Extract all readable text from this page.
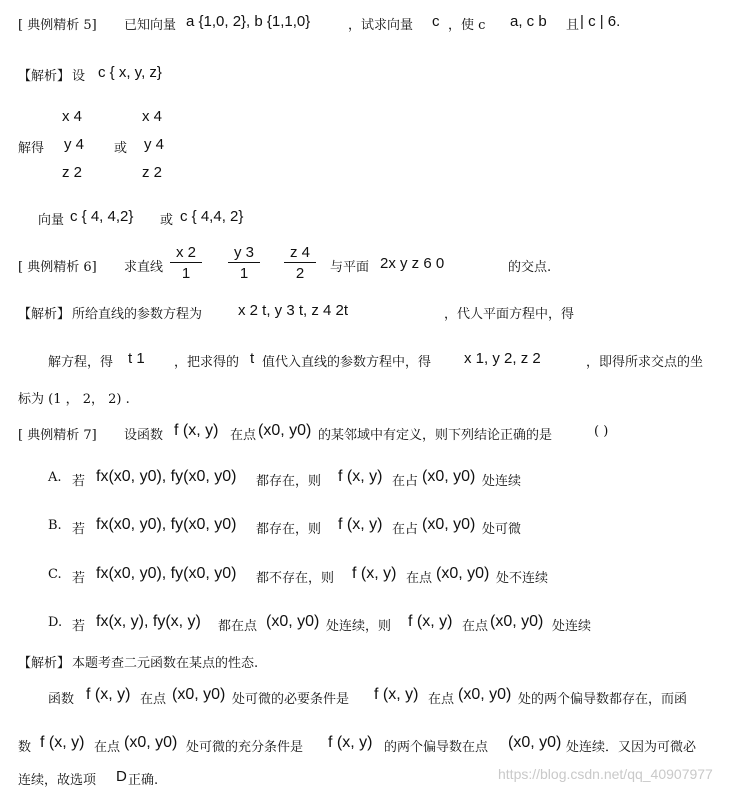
[ 典例精析 5] 已知向量 a {1,0, 2}, b {1,1,0}	，试求向量 c ，使 c a, c b 且 | c | 6.
【解析】 设 c { x, y, z}
x 4
y 4
z 2
解得	或
x 4
y 4
z 2
向量 c { 4, 4,2} 或 c { 4,4, 2}
[ 典例精析 6] 求直线 $\frac{x 2}{1} \frac{y 3}{1} \frac{z 4}{2}$ 与平面 2x y z 6 0	的交点.
【解析】 所给直线的参数方程为 x 2 t, y 3 t, z 4 2t	，代人平面方程中，得
解方程，得 t 1 ，把求得的 t 值代入直线的参数方程中，得 x 1, y 2, z 2	，即得所求交点的坐
标为 (1 ， 2， 2) .
[ 典例精析 7] 设函数 f (x, y) 在点 (x0, y0) 的某邻域中有定义，则下列结论正确的是	( )
A. 若 fx(x0, y0), fy(x0, y0) 都存在，则 f (x, y) 在占 (x0, y0) 处连续
B. 若 fx(x0, y0), fy(x0, y0) 都存在，则 f (x, y) 在占 (x0, y0) 处可微
C. 若 fx(x0, y0), fy(x0, y0) 都不存在，则 f (x, y) 在点 (x0, y0) 处不连续
D. 若 fx(x, y), fy(x, y) 都在点 (x0, y0) 处连续，则 f (x, y) 在点 (x0, y0) 处连续
【解析】 本题考查二元函数在某点的性态.
函数 f (x, y) 在点 (x0, y0) 处可微的必要条件是 f (x, y) 在点 (x0, y0) 处的两个偏导数都存在，而函
数 f (x, y) 在点 (x0, y0) 处可微的充分条件是 f (x, y) 的两个偏导数在点 (x0, y0) 处连续．又因为可微必
连续，故选项 D 正确.	https://blog.csdn.net/qq_40907977
